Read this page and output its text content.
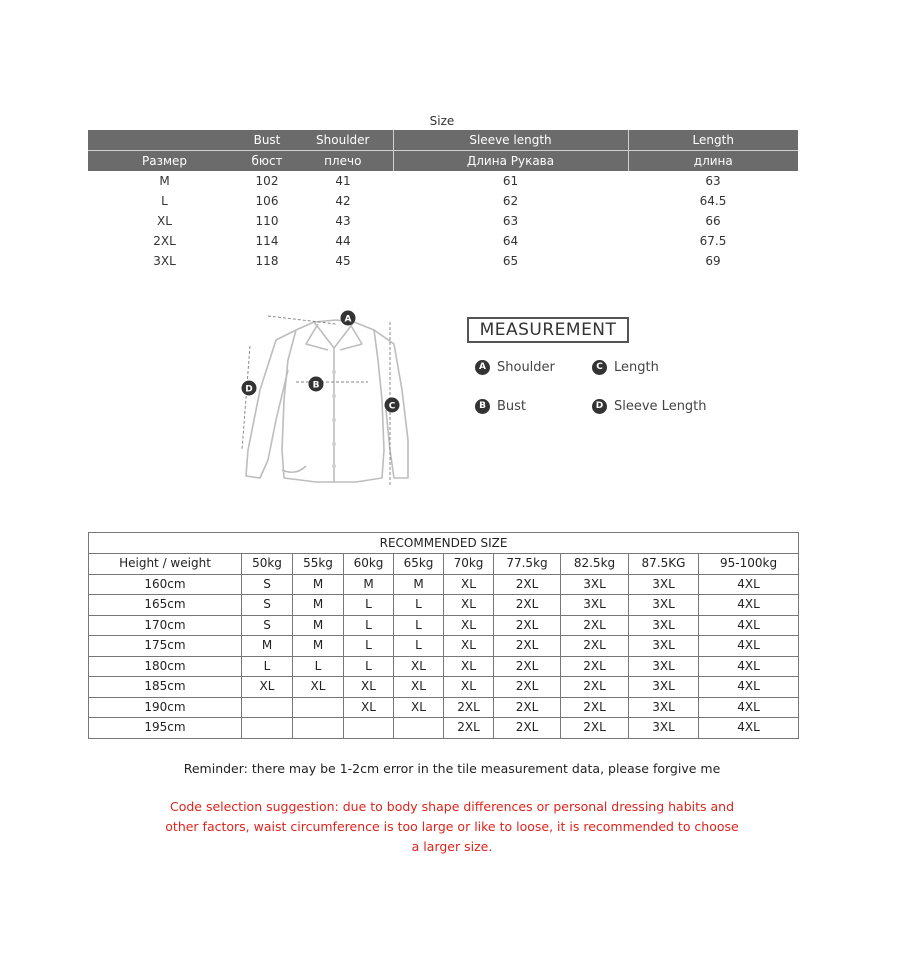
Size
	Bust	Shoulder	Sleeve length	Length
Размер	бюст	плечо	Длина Рукава	длина
M	102	41	61	63
L	106	42	62	64.5
XL	110	43	63	66
2XL	114	44	64	67.5
3XL	118	45	65	69
A
B
C
D
MEASUREMENT
A Shoulder	C Length
B Bust	D Sleeve Length
RECOMMENDED SIZE									
Height / weight	50kg	55kg	60kg	65kg	70kg	77.5kg	82.5kg	87.5KG	95-100kg
160cm	S	M	M	M	XL	2XL	3XL	3XL	4XL
165cm	S	M	L	L	XL	2XL	3XL	3XL	4XL
170cm	S	M	L	L	XL	2XL	2XL	3XL	4XL
175cm	M	M	L	L	XL	2XL	2XL	3XL	4XL
180cm	L	L	L	XL	XL	2XL	2XL	3XL	4XL
185cm	XL	XL	XL	XL	XL	2XL	2XL	3XL	4XL
190cm			XL	XL	2XL	2XL	2XL	3XL	4XL
195cm					2XL	2XL	2XL	3XL	4XL
Reminder: there may be 1-2cm error in the tile measurement data, please forgive me
Code selection suggestion: due to body shape differences or personal dressing habits and other factors, waist circumference is too large or like to loose, it is recommended to choose a larger size.
